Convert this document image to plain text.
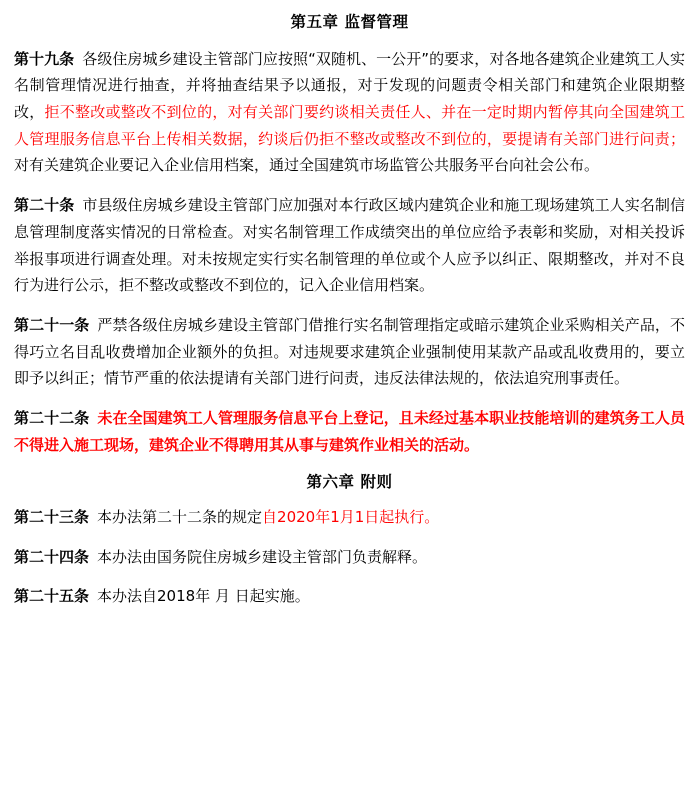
第五章 监督管理

第十九条 各级住房城乡建设主管部门应按照“双随机、一公开”的要求，对各地各建筑企业建筑工人实名制管理情况进行抽查，并将抽查结果予以通报，对于发现的问题责令相关部门和建筑企业限期整改，拒不整改或整改不到位的，对有关部门要约谈相关责任人、并在一定时期内暂停其向全国建筑工人管理服务信息平台上传相关数据，约谈后仍拒不整改或整改不到位的，要提请有关部门进行问责；对有关建筑企业要记入企业信用档案，通过全国建筑市场监管公共服务平台向社会公布。

第二十条 市县级住房城乡建设主管部门应加强对本行政区域内建筑企业和施工现场建筑工人实名制信息管理制度落实情况的日常检查。对实名制管理工作成绩突出的单位应给予表彰和奖励，对相关投诉举报事项进行调查处理。对未按规定实行实名制管理的单位或个人应予以纠正、限期整改，并对不良行为进行公示，拒不整改或整改不到位的，记入企业信用档案。

第二十一条 严禁各级住房城乡建设主管部门借推行实名制管理指定或暗示建筑企业采购相关产品，不得巧立名目乱收费增加企业额外的负担。对违规要求建筑企业强制使用某款产品或乱收费用的，要立即予以纠正；情节严重的依法提请有关部门进行问责，违反法律法规的，依法追究刑事责任。

第二十二条 未在全国建筑工人管理服务信息平台上登记，且未经过基本职业技能培训的建筑务工人员不得进入施工现场，建筑企业不得聘用其从事与建筑作业相关的活动。

第六章 附则

第二十三条 本办法第二十二条的规定自2020年1月1日起执行。

第二十四条 本办法由国务院住房城乡建设主管部门负责解释。

第二十五条 本办法自2018年 月 日起实施。
